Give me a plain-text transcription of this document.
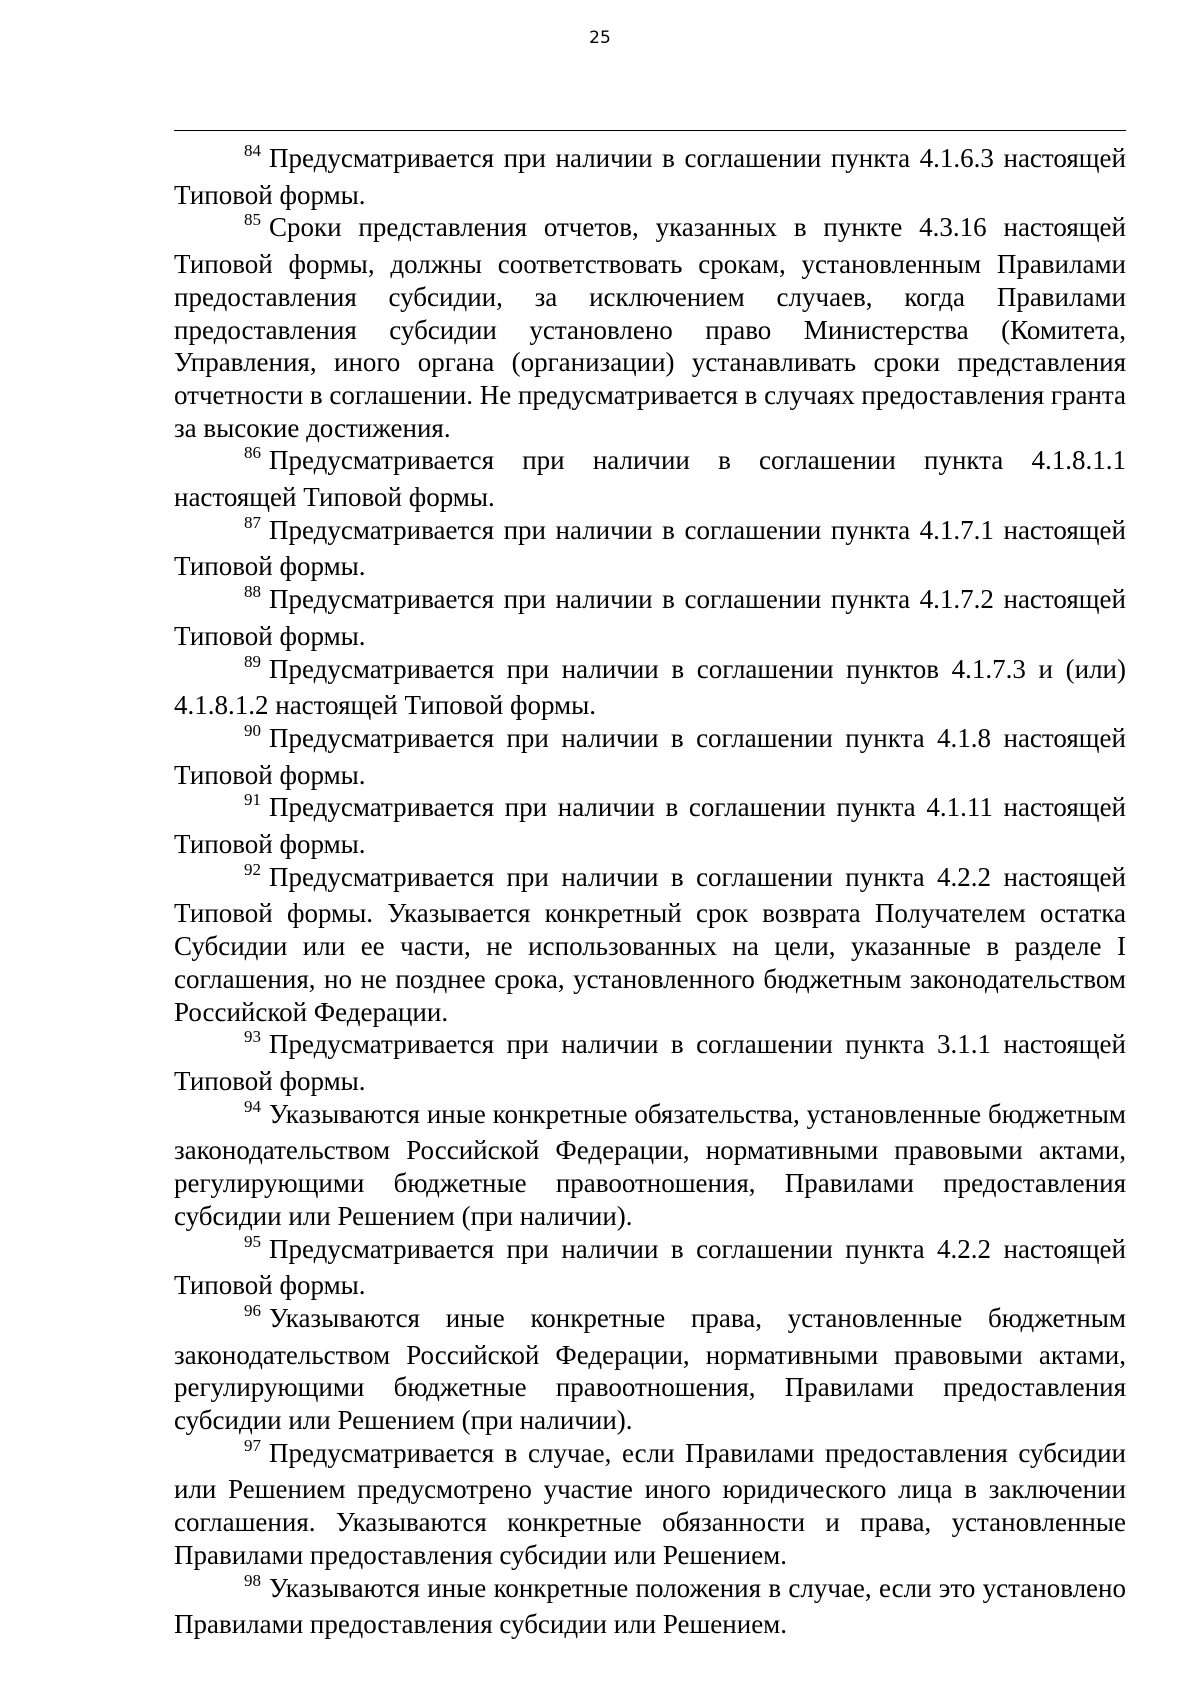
25

$^{84}$ Предусматривается при наличии в соглашении пункта 4.1.6.3 настоящей Типовой формы.

$^{85}$ Сроки представления отчетов, указанных в пункте 4.3.16 настоящей Типовой формы, должны соответствовать срокам, установленным Правилами предоставления субсидии, за исключением случаев, когда Правилами предоставления субсидии установлено право Министерства (Комитета, Управления, иного органа (организации) устанавливать сроки представления отчетности в соглашении. Не предусматривается в случаях предоставления гранта за высокие достижения.

$^{86}$ Предусматривается при наличии в соглашении пункта 4.1.8.1.1 настоящей Типовой формы.

$^{87}$ Предусматривается при наличии в соглашении пункта 4.1.7.1 настоящей Типовой формы.

$^{88}$ Предусматривается при наличии в соглашении пункта 4.1.7.2 настоящей Типовой формы.

$^{89}$ Предусматривается при наличии в соглашении пунктов 4.1.7.3 и (или) 4.1.8.1.2 настоящей Типовой формы.

$^{90}$ Предусматривается при наличии в соглашении пункта 4.1.8 настоящей Типовой формы.

$^{91}$ Предусматривается при наличии в соглашении пункта 4.1.11 настоящей Типовой формы.

$^{92}$ Предусматривается при наличии в соглашении пункта 4.2.2 настоящей Типовой формы. Указывается конкретный срок возврата Получателем остатка Субсидии или ее части, не использованных на цели, указанные в разделе I соглашения, но не позднее срока, установленного бюджетным законодательством Российской Федерации.

$^{93}$ Предусматривается при наличии в соглашении пункта 3.1.1 настоящей Типовой формы.

$^{94}$ Указываются иные конкретные обязательства, установленные бюджетным законодательством Российской Федерации, нормативными правовыми актами, регулирующими бюджетные правоотношения, Правилами предоставления субсидии или Решением (при наличии).

$^{95}$ Предусматривается при наличии в соглашении пункта 4.2.2 настоящей Типовой формы.

$^{96}$ Указываются иные конкретные права, установленные бюджетным законодательством Российской Федерации, нормативными правовыми актами, регулирующими бюджетные правоотношения, Правилами предоставления субсидии или Решением (при наличии).

$^{97}$ Предусматривается в случае, если Правилами предоставления субсидии или Решением предусмотрено участие иного юридического лица в заключении соглашения. Указываются конкретные обязанности и права, установленные Правилами предоставления субсидии или Решением.

$^{98}$ Указываются иные конкретные положения в случае, если это установлено Правилами предоставления субсидии или Решением.
